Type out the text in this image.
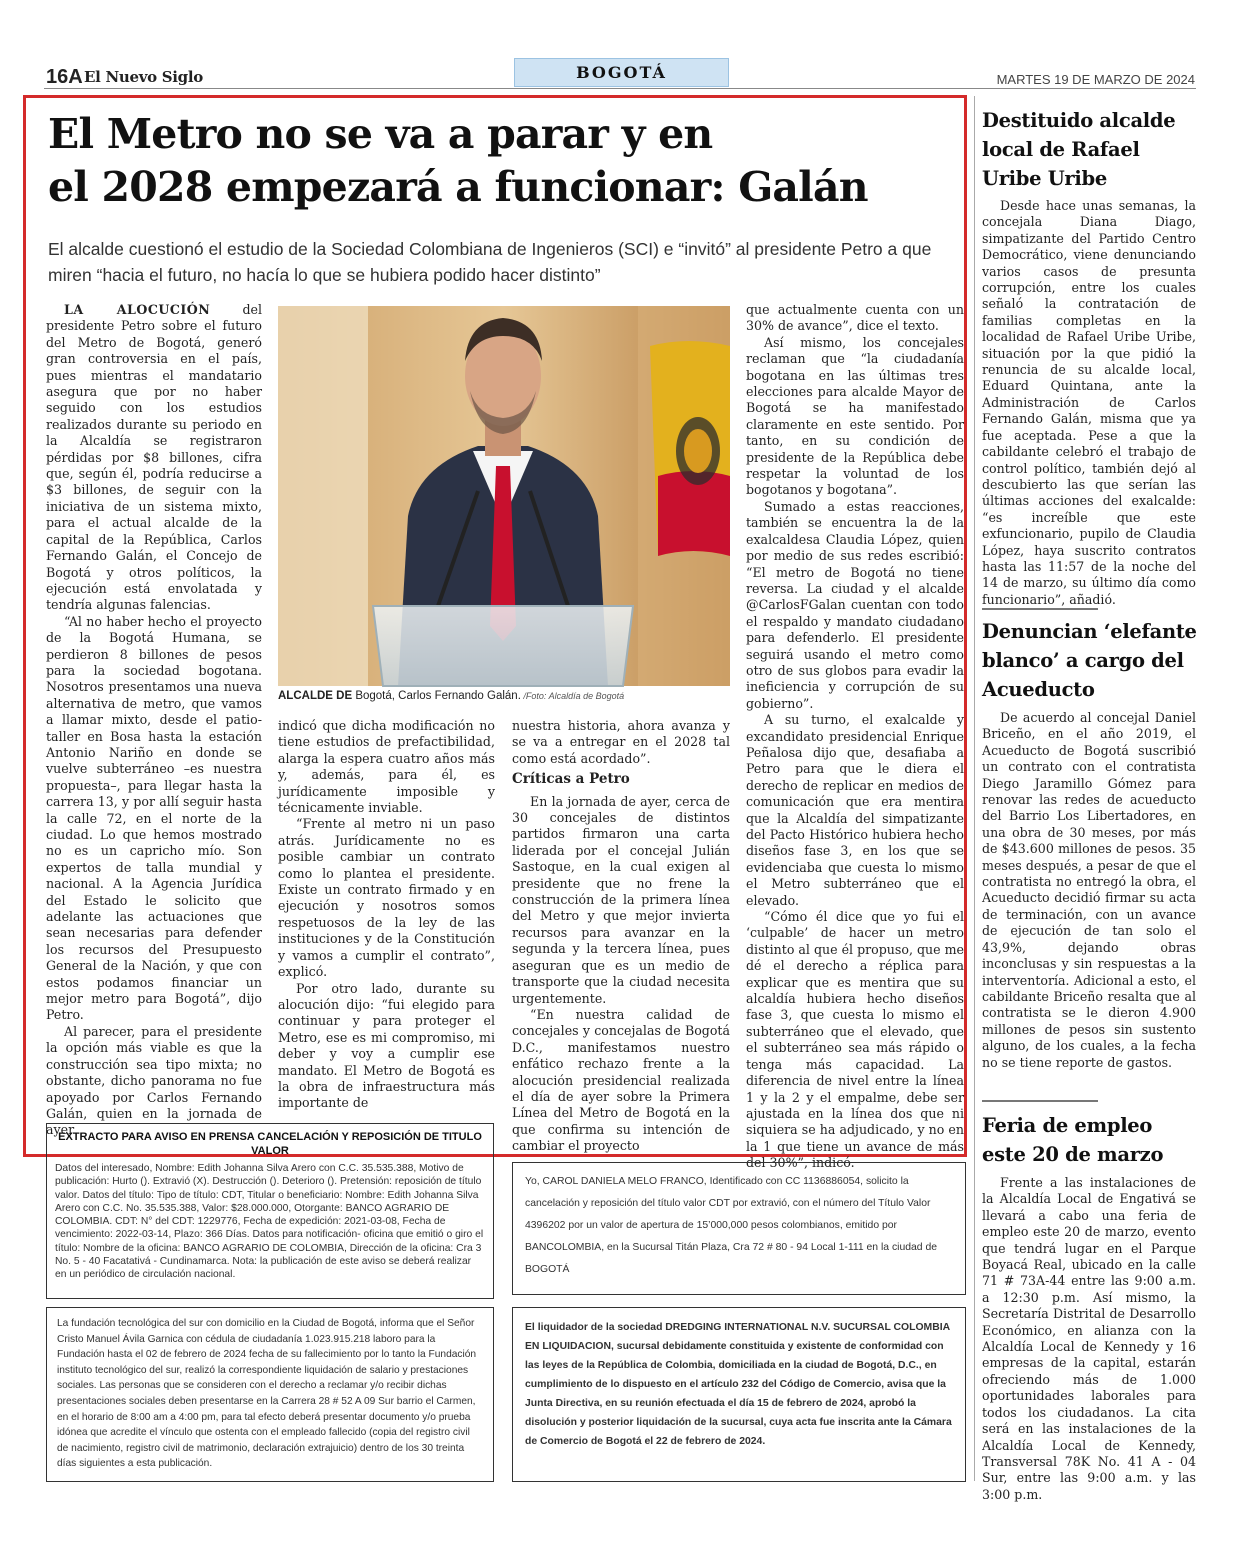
16A El Nuevo Siglo	BOGOTÁ	MARTES 19 DE MARZO DE 2024
El Metro no se va a parar y en
el 2028 empezará a funcionar: Galán

El alcalde cuestionó el estudio de la Sociedad Colombiana de Ingenieros (SCI) e “invitó” al presidente Petro a que miren “hacia el futuro, no hacía lo que se hubiera podido hacer distinto”

LA ALOCUCIÓN del presidente Petro sobre el futuro del Metro de Bogotá, generó gran controversia en el país, pues mientras el mandatario asegura que por no haber seguido con los estudios realizados durante su periodo en la Alcaldía se registraron pérdidas por $8 billones, cifra que, según él, podría reducirse a $3 billones, de seguir con la iniciativa de un sistema mixto, para el actual alcalde de la capital de la República, Carlos Fernando Galán, el Concejo de Bogotá y otros políticos, la ejecución está envolatada y tendría algunas falencias.

“Al no haber hecho el proyecto de la Bogotá Humana, se perdieron 8 billones de pesos para la sociedad bogotana. Nosotros presentamos una nueva alternativa de metro, que vamos a llamar mixto, desde el patio-taller en Bosa hasta la estación Antonio Nariño en donde se vuelve subterráneo –es nuestra propuesta–, para llegar hasta la carrera 13, y por allí seguir hasta la calle 72, en el norte de la ciudad. Lo que hemos mostrado no es un capricho mío. Son expertos de talla mundial y nacional. A la Agencia Jurídica del Estado le solicito que adelante las actuaciones que sean necesarias para defender los recursos del Presupuesto General de la Nación, y que con estos podamos financiar un mejor metro para Bogotá”, dijo Petro.

Al parecer, para el presidente la opción más viable es que la construcción sea tipo mixta; no obstante, dicho panorama no fue apoyado por Carlos Fernando Galán, quien en la jornada de ayer

ALCALDE DE Bogotá, Carlos Fernando Galán. /Foto: Alcaldía de Bogotá

indicó que dicha modificación no tiene estudios de prefactibilidad, alarga la espera cuatro años más y, además, para él, es jurídicamente imposible y técnicamente inviable.

“Frente al metro ni un paso atrás. Jurídicamente no es posible cambiar un contrato como lo plantea el presidente. Existe un contrato firmado y en ejecución y nosotros somos respetuosos de la ley de las instituciones y de la Constitución y vamos a cumplir el contrato”, explicó.

Por otro lado, durante su alocución dijo: “fui elegido para continuar y para proteger el Metro, ese es mi compromiso, mi deber y voy a cumplir ese mandato. El Metro de Bogotá es la obra de infraestructura más importante de

nuestra historia, ahora avanza y se va a entregar en el 2028 tal como está acordado”.

Críticas a Petro

En la jornada de ayer, cerca de 30 concejales de distintos partidos firmaron una carta liderada por el concejal Julián Sastoque, en la cual exigen al presidente que no frene la construcción de la primera línea del Metro y que mejor invierta recursos para avanzar en la segunda y la tercera línea, pues aseguran que es un medio de transporte que la ciudad necesita urgentemente.

“En nuestra calidad de concejales y concejalas de Bogotá D.C., manifestamos nuestro enfático rechazo frente a la alocución presidencial realizada el día de ayer sobre la Primera Línea del Metro de Bogotá en la que confirma su intención de cambiar el proyecto

que actualmente cuenta con un 30% de avance”, dice el texto.

Así mismo, los concejales reclaman que “la ciudadanía bogotana en las últimas tres elecciones para alcalde Mayor de Bogotá se ha manifestado claramente en este sentido. Por tanto, en su condición de presidente de la República debe respetar la voluntad de los bogotanos y bogotana”.

Sumado a estas reacciones, también se encuentra la de la exalcaldesa Claudia López, quien por medio de sus redes escribió: “El metro de Bogotá no tiene reversa. La ciudad y el alcalde @CarlosFGalan cuentan con todo el respaldo y mandato ciudadano para defenderlo. El presidente seguirá usando el metro como otro de sus globos para evadir la ineficiencia y corrupción de su gobierno”.

A su turno, el exalcalde y excandidato presidencial Enrique Peñalosa dijo que, desafiaba a Petro para que le diera el derecho de replicar en medios de comunicación que era mentira que la Alcaldía del simpatizante del Pacto Histórico hubiera hecho diseños fase 3, en los que se evidenciaba que cuesta lo mismo el Metro subterráneo que el elevado.

“Cómo él dice que yo fui el ‘culpable’ de hacer un metro distinto al que él propuso, que me dé el derecho a réplica para explicar que es mentira que su alcaldía hubiera hecho diseños fase 3, que cuesta lo mismo el subterráneo que el elevado, que el subterráneo sea más rápido o tenga más capacidad. La diferencia de nivel entre la línea 1 y la 2 y el empalme, debe ser ajustada en la línea dos que ni siquiera se ha adjudicado, y no en la 1 que tiene un avance de más del 30%”, indicó.

Destituido alcalde local de Rafael Uribe Uribe

Desde hace unas semanas, la concejala Diana Diago, simpatizante del Partido Centro Democrático, viene denunciando varios casos de presunta corrupción, entre los cuales señaló la contratación de familias completas en la localidad de Rafael Uribe Uribe, situación por la que pidió la renuncia de su alcalde local, Eduard Quintana, ante la Administración de Carlos Fernando Galán, misma que ya fue aceptada. Pese a que la cabildante celebró el trabajo de control político, también dejó al descubierto las que serían las últimas acciones del exalcalde: “es increíble que este exfuncionario, pupilo de Claudia López, haya suscrito contratos hasta las 11:57 de la noche del 14 de marzo, su último día como funcionario”, añadió.

Denuncian ‘elefante blanco’ a cargo del Acueducto

De acuerdo al concejal Daniel Briceño, en el año 2019, el Acueducto de Bogotá suscribió un contrato con el contratista Diego Jaramillo Gómez para renovar las redes de acueducto del Barrio Los Libertadores, en una obra de 30 meses, por más de $43.600 millones de pesos. 35 meses después, a pesar de que el contratista no entregó la obra, el Acueducto decidió firmar su acta de terminación, con un avance de ejecución de tan solo el 43,9%, dejando obras inconclusas y sin respuestas a la interventoría. Adicional a esto, el cabildante Briceño resalta que al contratista se le dieron 4.900 millones de pesos sin sustento alguno, de los cuales, a la fecha no se tiene reporte de gastos.

Feria de empleo este 20 de marzo

Frente a las instalaciones de la Alcaldía Local de Engativá se llevará a cabo una feria de empleo este 20 de marzo, evento que tendrá lugar en el Parque Boyacá Real, ubicado en la calle 71 # 73A-44 entre las 9:00 a.m. a 12:30 p.m. Así mismo, la Secretaría Distrital de Desarrollo Económico, en alianza con la Alcaldía Local de Kennedy y 16 empresas de la capital, estarán ofreciendo más de 1.000 oportunidades laborales para todos los ciudadanos. La cita será en las instalaciones de la Alcaldía Local de Kennedy, Transversal 78K No. 41 A - 04 Sur, entre las 9:00 a.m. y las 3:00 p.m.

EXTRACTO PARA AVISO EN PRENSA CANCELACIÓN Y REPOSICIÓN DE TITULO VALOR

Datos del interesado, Nombre: Edith Johanna Silva Arero con C.C. 35.535.388, Motivo de publicación: Hurto (). Extravió (X). Destrucción (). Deterioro (). Pretensión: reposición de título valor. Datos del título: Tipo de título: CDT, Titular o beneficiario: Nombre: Edith Johanna Silva Arero con C.C. No. 35.535.388, Valor: $28.000.000, Otorgante: BANCO AGRARIO DE COLOMBIA. CDT: N° del CDT: 1229776, Fecha de expedición: 2021-03-08, Fecha de vencimiento: 2022-03-14, Plazo: 366 Días. Datos para notificación- oficina que emitió o giro el título: Nombre de la oficina: BANCO AGRARIO DE COLOMBIA, Dirección de la oficina: Cra 3 No. 5 - 40 Facatativá - Cundinamarca. Nota: la publicación de este aviso se deberá realizar en un periódico de circulación nacional.

Yo, CAROL DANIELA MELO FRANCO, Identificado con CC 1136886054, solicito la cancelación y reposición del título valor CDT por extravió, con el número del Título Valor 4396202 por un valor de apertura de 15’000,000 pesos colombianos, emitido por BANCOLOMBIA, en la Sucursal Titán Plaza, Cra 72 # 80 - 94 Local 1-111 en la ciudad de BOGOTÁ

La fundación tecnológica del sur con domicilio en la Ciudad de Bogotá, informa que el Señor Cristo Manuel Ávila Garnica con cédula de ciudadanía 1.023.915.218 laboro para la Fundación hasta el 02 de febrero de 2024 fecha de su fallecimiento por lo tanto la Fundación instituto tecnológico del sur, realizó la correspondiente liquidación de salario y prestaciones sociales. Las personas que se consideren con el derecho a reclamar y/o recibir dichas presentaciones sociales deben presentarse en la Carrera 28 # 52 A 09 Sur barrio el Carmen, en el horario de 8:00 am a 4:00 pm, para tal efecto deberá presentar documento y/o prueba idónea que acredite el vínculo que ostenta con el empleado fallecido (copia del registro civil de nacimiento, registro civil de matrimonio, declaración extrajuicio) dentro de los 30 treinta días siguientes a esta publicación.

El liquidador de la sociedad DREDGING INTERNATIONAL N.V. SUCURSAL COLOMBIA EN LIQUIDACION, sucursal debidamente constituida y existente de conformidad con las leyes de la República de Colombia, domiciliada en la ciudad de Bogotá, D.C., en cumplimiento de lo dispuesto en el artículo 232 del Código de Comercio, avisa que la Junta Directiva, en su reunión efectuada el día 15 de febrero de 2024, aprobó la disolución y posterior liquidación de la sucursal, cuya acta fue inscrita ante la Cámara de Comercio de Bogotá el 22 de febrero de 2024.
